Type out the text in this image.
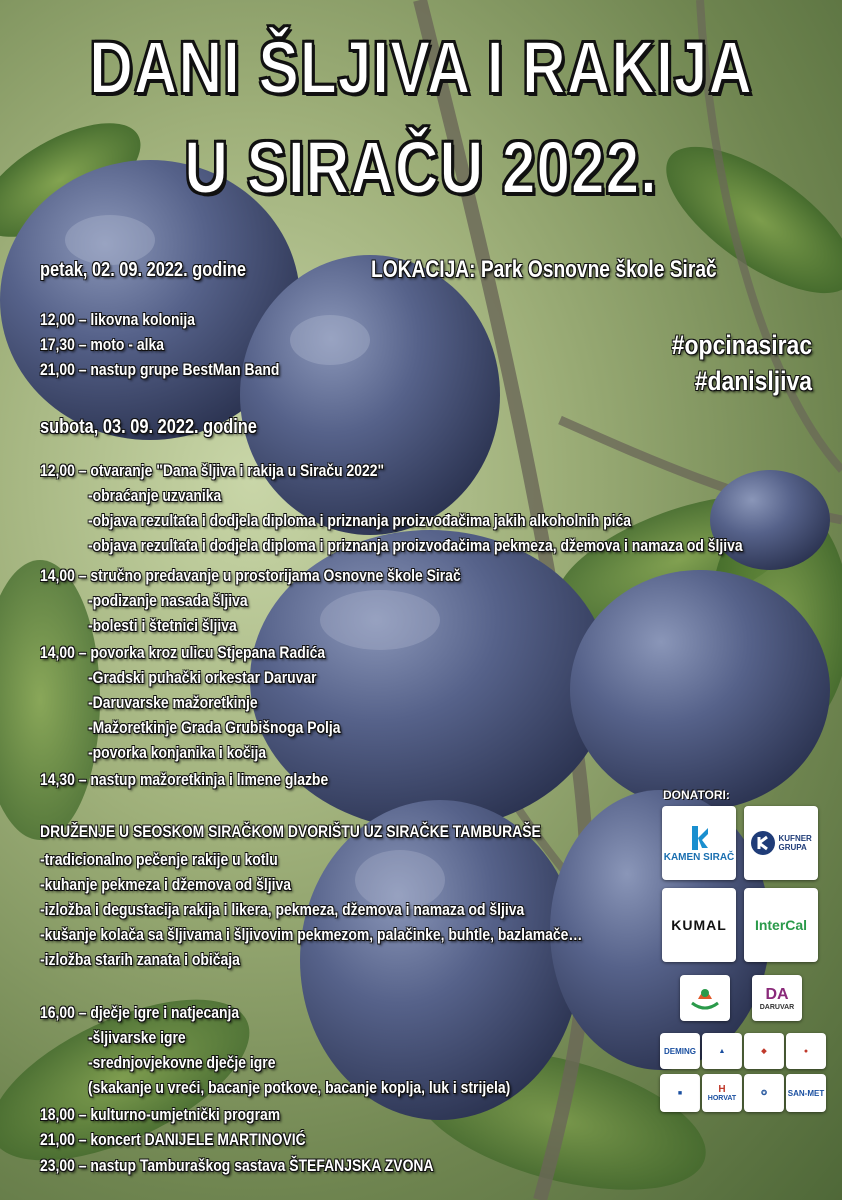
DANI ŠLJIVA I RAKIJA
U SIRAČU 2022.
petak, 02. 09. 2022. godine	LOKACIJA: Park Osnovne škole Sirač
12,00 – likovna kolonija
17,30 – moto - alka
21,00 – nastup grupe BestMan Band
#opcinasirac
#danisljiva
subota, 03. 09. 2022. godine
12,00 – otvaranje "Dana šljiva i rakija u Siraču 2022"
-obraćanje uzvanika
-objava rezultata i dodjela diploma i priznanja proizvođačima jakih alkoholnih pića
-objava rezultata i dodjela diploma i priznanja proizvođačima pekmeza, džemova i namaza od šljiva
14,00 – stručno predavanje u prostorijama Osnovne škole Sirač
-podizanje nasada šljiva
-bolesti i štetnici šljiva
14,00 – povorka kroz ulicu Stjepana Radića
-Gradski puhački orkestar Daruvar
-Daruvarske mažoretkinje
-Mažoretkinje Grada Grubišnoga Polja
-povorka konjanika i kočija
14,30 – nastup mažoretkinja i limene glazbe
DRUŽENJE U SEOSKOM SIRAČKOM DVORIŠTU UZ SIRAČKE TAMBURAŠE
-tradicionalno pečenje rakije u kotlu
-kuhanje pekmeza i džemova od šljiva
-izložba i degustacija rakija i likera, pekmeza, džemova i namaza od šljiva
-kušanje kolača sa šljivama i šljivovim pekmezom, palačinke, buhtle, bazlamače…
-izložba starih zanata i običaja
16,00 – dječje igre i natjecanja
-šljivarske igre
-srednjovjekovne dječje igre
(skakanje u vreći, bacanje potkove, bacanje koplja, luk i strijela)
18,00 – kulturno-umjetnički program
21,00 – koncert DANIJELE MARTINOVIĆ
23,00 – nastup Tamburaškog sastava ŠTEFANJSKA ZVONA
DONATORI:
KAMEN SIRAČ
KUFNER GRUPA
KUMAL InterCal
DA
DARUVAR
DEMING	▲	◆	●
■	H
HORVAT
✪	SAN-MET
